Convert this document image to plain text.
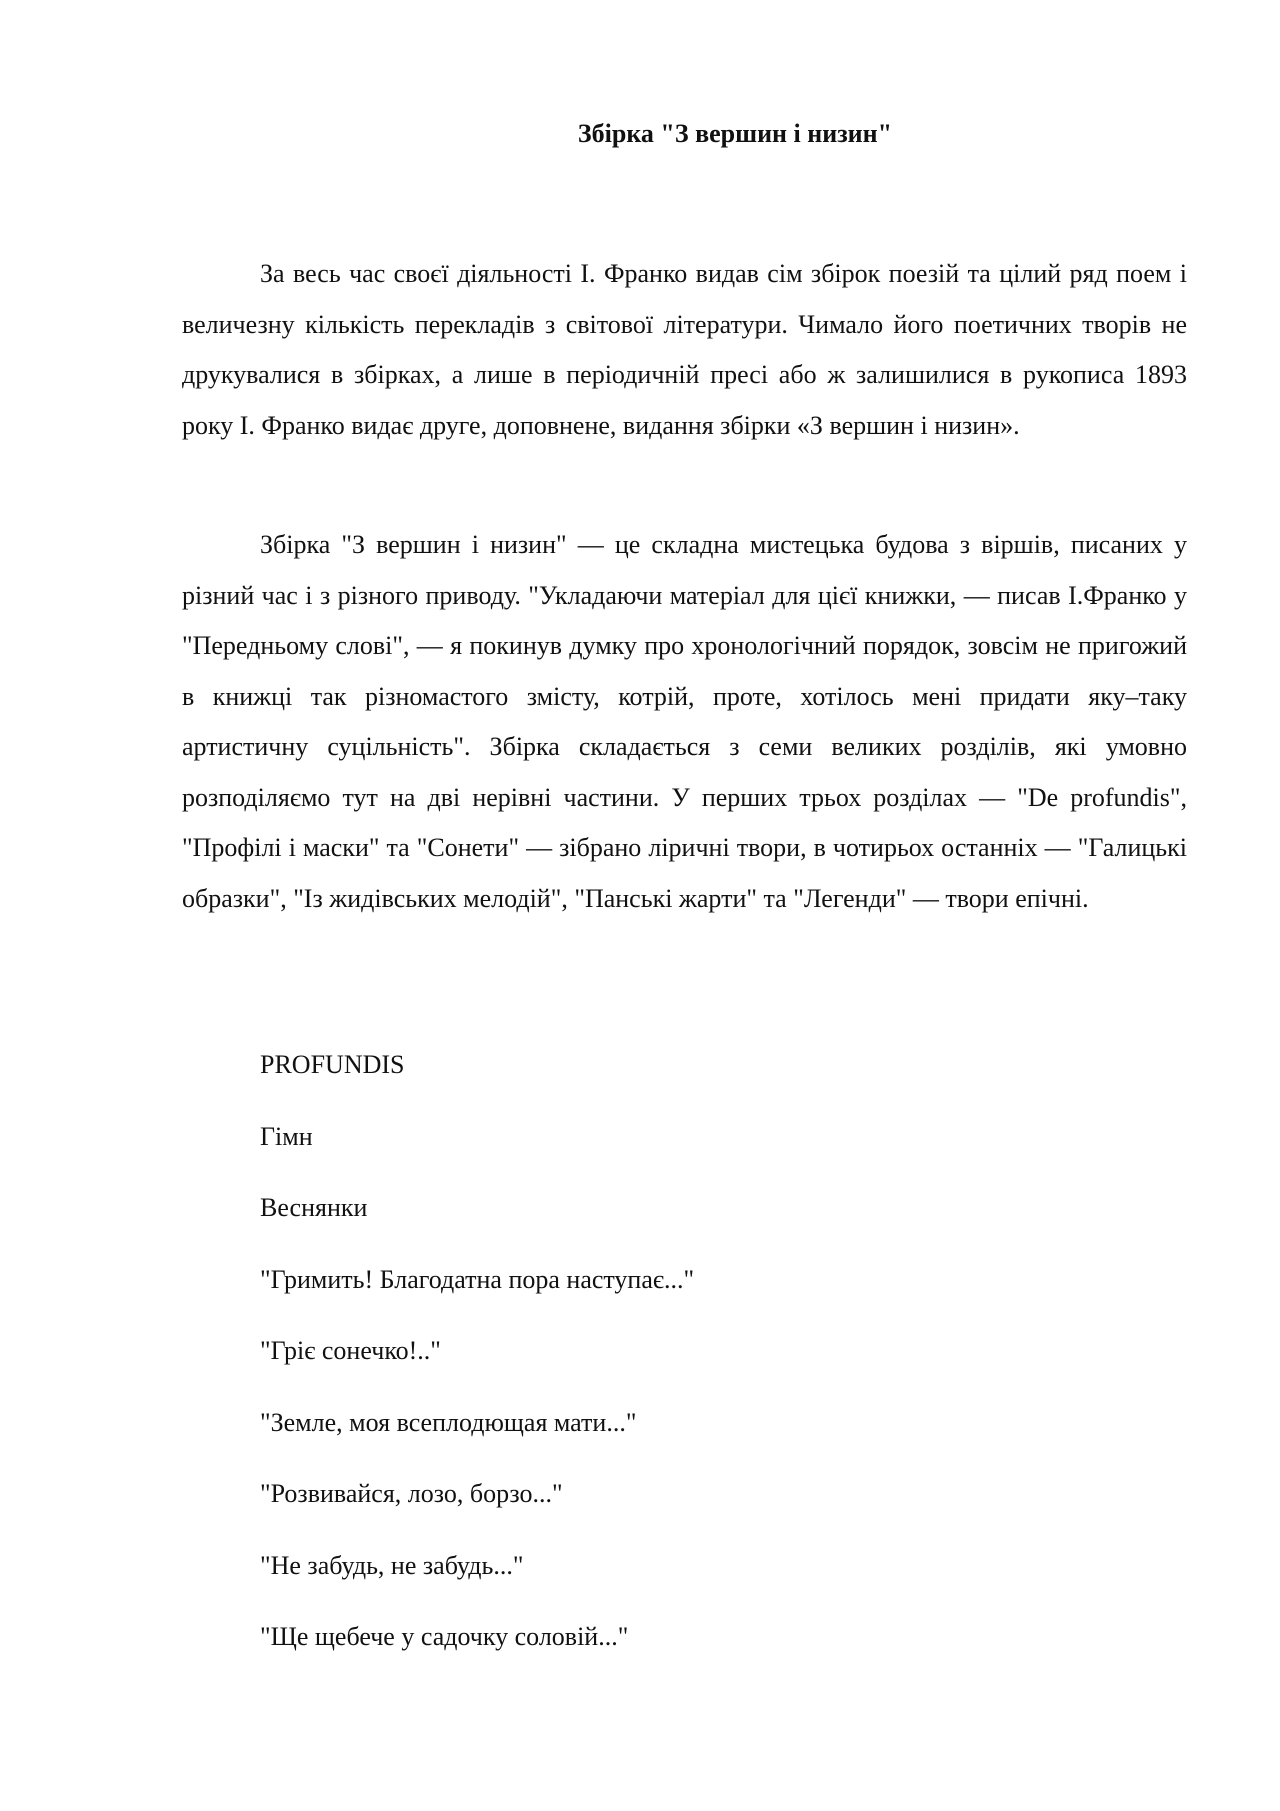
Збірка "З вершин і низин"

За весь час своєї діяльності І. Франко видав сім збірок поезій та цілий ряд поем і величезну кількість перекладів з світової літератури. Чимало його поетичних творів не друкувалися в збірках, а лише в періодичній пресі або ж залишилися в рукописа 1893 року І. Франко видає друге, доповнене, видання збірки «З вершин і низин».

Збірка "З вершин і низин" — це складна мистецька будова з віршів, писаних у різний час і з різного приводу. "Укладаючи матеріал для цієї книжки, — писав І.Франко у "Передньому слові", — я покинув думку про хронологічний порядок, зовсім не пригожий в книжці так різномастого змісту, котрій, проте, хотілось мені придати яку–таку артистичну суцільність". Збірка складається з семи великих розділів, які умовно розподіляємо тут на дві нерівні частини. У перших трьох розділах — "De profundis", "Профілі і маски" та "Сонети" — зібрано ліричні твори, в чотирьох останніх — "Галицькі образки", "Із жидівських мелодій", "Панські жарти" та "Легенди" — твори епічні.

PROFUNDIS
Гімн
Веснянки
"Гримить! Благодатна пора наступає..."
"Гріє сонечко!.."
"Земле, моя всеплодющая мати..."
"Розвивайся, лозо, борзо..."
"Не забудь, не забудь..."
"Ще щебече у садочку соловій..."
